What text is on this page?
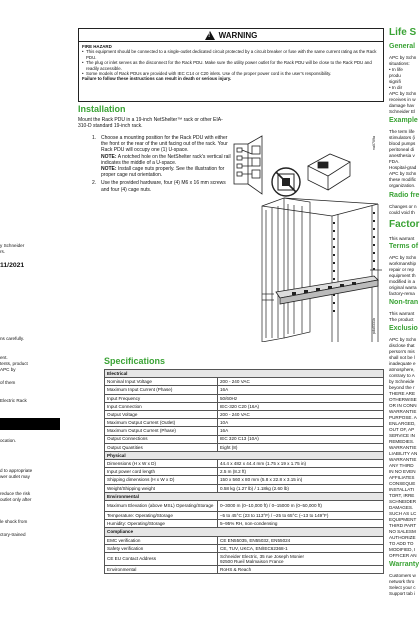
y Schneider
rs.
11/2021
ns carefully.
ent.
tents, product
APC by
of them
Electric Rack
ocation.
d to appropriate
wer outlet may
reduce the risk
outlet only after
le shock from
ctory-trained
! WARNING
FIRE HAZARD
• This equipment should be connected to a single-outlet dedicated circuit protected by a circuit breaker or fuse with the same current rating as the Rack PDU.
• The plug or inlet serves as the disconnect for the Rack PDU. Make sure the utility power outlet for the Rack PDU will be close to the Rack PDU and readily accessible.
• Some models of Rack PDUs are provided with IEC C14 or C20 inlets. Use of the proper power cord is the user's responsibility.
Failure to follow these instructions can result in death or serious injury.
Installation
Mount the Rack PDU in a 19-inch NetShelter™ rack or other EIA-310-D standard 19-inch rack.
1. Choose a mounting position for the Rack PDU with either the front or the rear of the unit facing out of the rack. Your Rack PDU will occupy one (1) U-space.
NOTE: A notched hole on the NetShelter rack's vertical rail indicates the middle of a U-space.
NOTE: Install cage nuts properly. See the illustration for proper cage nut orientation.
2. Use the provided hardware, four (4) M6 x 16 mm screws and four (4) cage nuts.
na0709a
pdu0331b
Specifications
Electrical	
Nominal Input Voltage	200 - 240 VAC
Maximum Input Current (Phase)	16A
Input Frequency	50/60Hz
Input Connection	IEC-320 C20 (16A)
Output Voltage	200 - 240 VAC
Maximum Output Current (Outlet)	10A
Maximum Output Current (Phase)	16A
Output Connections	IEC 320 C13 (10A)
Output Quantities	Eight (8)
Physical	
Dimensions (H x W x D)	44.4 x 482 x 44.4 mm (1.75 x 19 x 1.75 in)
Input power cord length	2.5 m (8.2 ft)
Shipping dimensions (H x W x D)	150 x 560 x 80 mm (5.8 x 22.8 x 3.15 in)
Weight/Shipping weight	0.58 kg (1.27 lb) / 1.18kg (2.60 lb)
Environmental	
Maximum Elevation (above MSL) Operating/Storage	0–3000 m (0–10,000 ft) / 0–15000 m (0–50,000 ft)
Temperature: Operating/Storage	–5 to 45°C (23 to 113°F) / –25 to 65°C (–13 to 149°F)
Humidity: Operating/Storage	5–95% RH, non-condensing
Compliance	
EMC verification	CE EN55035, EN55032, EN55024
Safety verification	CE, TUV, UKCA, EN/IEC62368-1
CE EU Contact Address	Schneider Electric, 35 rue Joseph Monier
92500 Rueil Malmaison France
Environmental	RoHS & Reach
Life S
General
APC by Schn
situations:
• In life
produ
signifi
• In dir
APC by Schn
receives in w
damage hav
Schneider El
Example
The term life
stimulators (i
blood pumps
peritoneal di
anesthesia v
FDA.
Hospital-grad
APC by Schn
these modific
organization.
Radio fre
Changes or n
could void th
Factor
This warrant
Terms of
APC by Schn
workmanship
repair or rep
equipment th
modified in a
original warra
factory-rema
Non-tran
This warrant
The product
Exclusio
APC by Schn
disclose that
person's mis
shall not be l
inadequate e
atmosphere,
contrary to A
by Schneide
beyond the r
THERE ARE
OTHERWISE
OR IN CONN
WARRANTIE
PURPOSE. A
ENLARGED,
OUT OF, AP
SERVICE IN
REMEDIES.
WARRANTIE
LIABILITY AN
WARRANTIE
ANY THIRD
IN NO EVEN
AFFILIATES
CONSEQUE
INSTALLATI
TORT, IRRE
SCHNEIDER
DAMAGES.
SUCH AS LC
EQUIPMENT
THIRD PART
NO SALESM
AUTHORIZE
TO ADD TO
MODIFIED, I
OFFICER AN
Warranty
Customers w
network thro
Select your c
Support tab i
